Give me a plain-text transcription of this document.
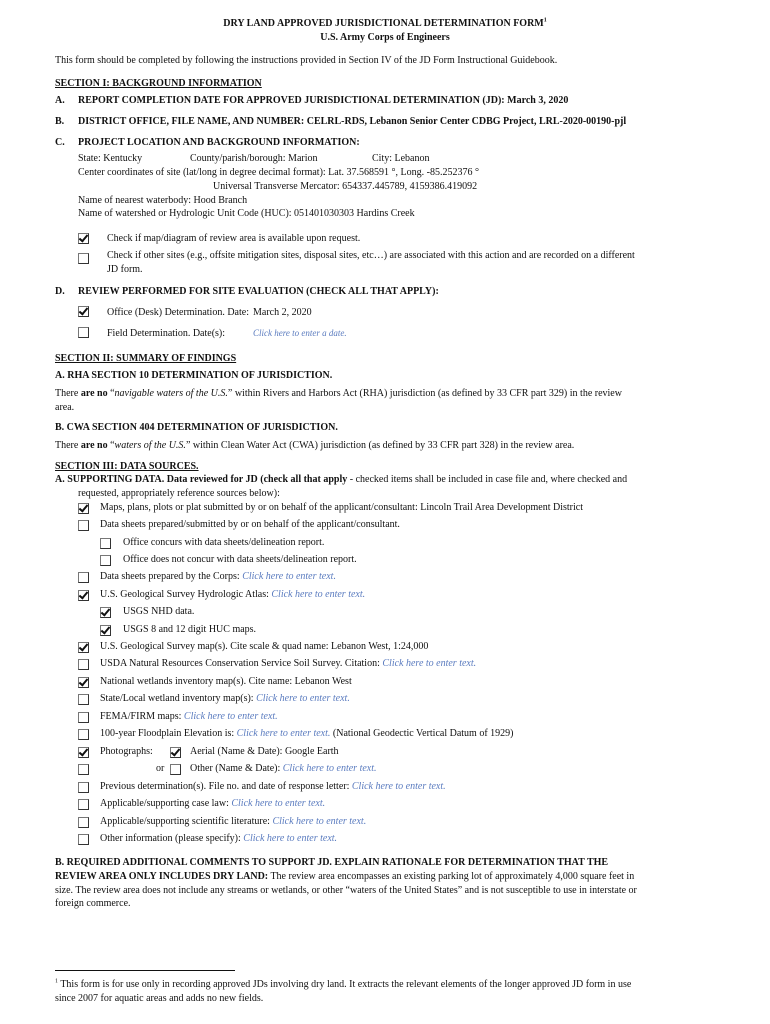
DRY LAND APPROVED JURISDICTIONAL DETERMINATION FORM$^1$
U.S. Army Corps of Engineers
This form should be completed by following the instructions provided in Section IV of the JD Form Instructional Guidebook.
SECTION I: BACKGROUND INFORMATION
A. REPORT COMPLETION DATE FOR APPROVED JURISDICTIONAL DETERMINATION (JD): March 3, 2020
B. DISTRICT OFFICE, FILE NAME, AND NUMBER: CELRL-RDS, Lebanon Senior Center CDBG Project, LRL-2020-00190-pjl
C. PROJECT LOCATION AND BACKGROUND INFORMATION:
State: Kentucky	County/parish/borough: Marion	City: Lebanon
Center coordinates of site (lat/long in degree decimal format): Lat. 37.568591 °, Long. -85.252376 °
Universal Transverse Mercator: 654337.445789, 4159386.419092
Name of nearest waterbody: Hood Branch
Name of watershed or Hydrologic Unit Code (HUC): 051401030303 Hardins Creek
Check if map/diagram of review area is available upon request.
Check if other sites (e.g., offsite mitigation sites, disposal sites, etc…) are associated with this action and are recorded on a different
JD form.
D. REVIEW PERFORMED FOR SITE EVALUATION (CHECK ALL THAT APPLY):
Office (Desk) Determination. Date: March 2, 2020
Field Determination. Date(s):	Click here to enter a date.
SECTION II: SUMMARY OF FINDINGS
A. RHA SECTION 10 DETERMINATION OF JURISDICTION.
There are no “navigable waters of the U.S.” within Rivers and Harbors Act (RHA) jurisdiction (as defined by 33 CFR part 329) in the review
area.
B. CWA SECTION 404 DETERMINATION OF JURISDICTION.
There are no “waters of the U.S.” within Clean Water Act (CWA) jurisdiction (as defined by 33 CFR part 328) in the review area.
SECTION III: DATA SOURCES.
A. SUPPORTING DATA. Data reviewed for JD (check all that apply - checked items shall be included in case file and, where checked and
requested, appropriately reference sources below):
Maps, plans, plots or plat submitted by or on behalf of the applicant/consultant: Lincoln Trail Area Development District
Data sheets prepared/submitted by or on behalf of the applicant/consultant.
Office concurs with data sheets/delineation report.
Office does not concur with data sheets/delineation report.
Data sheets prepared by the Corps: Click here to enter text.
U.S. Geological Survey Hydrologic Atlas: Click here to enter text.
USGS NHD data.
USGS 8 and 12 digit HUC maps.
U.S. Geological Survey map(s). Cite scale & quad name: Lebanon West, 1:24,000
USDA Natural Resources Conservation Service Soil Survey. Citation: Click here to enter text.
National wetlands inventory map(s). Cite name: Lebanon West
State/Local wetland inventory map(s): Click here to enter text.
FEMA/FIRM maps: Click here to enter text.
100-year Floodplain Elevation is: Click here to enter text. (National Geodectic Vertical Datum of 1929)
Photographs:	Aerial (Name & Date): Google Earth
or	Other (Name & Date): Click here to enter text.
Previous determination(s). File no. and date of response letter: Click here to enter text.
Applicable/supporting case law: Click here to enter text.
Applicable/supporting scientific literature: Click here to enter text.
Other information (please specify): Click here to enter text.
B. REQUIRED ADDITIONAL COMMENTS TO SUPPORT JD. EXPLAIN RATIONALE FOR DETERMINATION THAT THE
REVIEW AREA ONLY INCLUDES DRY LAND: The review area encompasses an existing parking lot of approximately 4,000 square feet in
size. The review area does not include any streams or wetlands, or other “waters of the United States” and is not susceptible to use in interstate or
foreign commerce.
$^1$ This form is for use only in recording approved JDs involving dry land. It extracts the relevant elements of the longer approved JD form in use
since 2007 for aquatic areas and adds no new fields.
